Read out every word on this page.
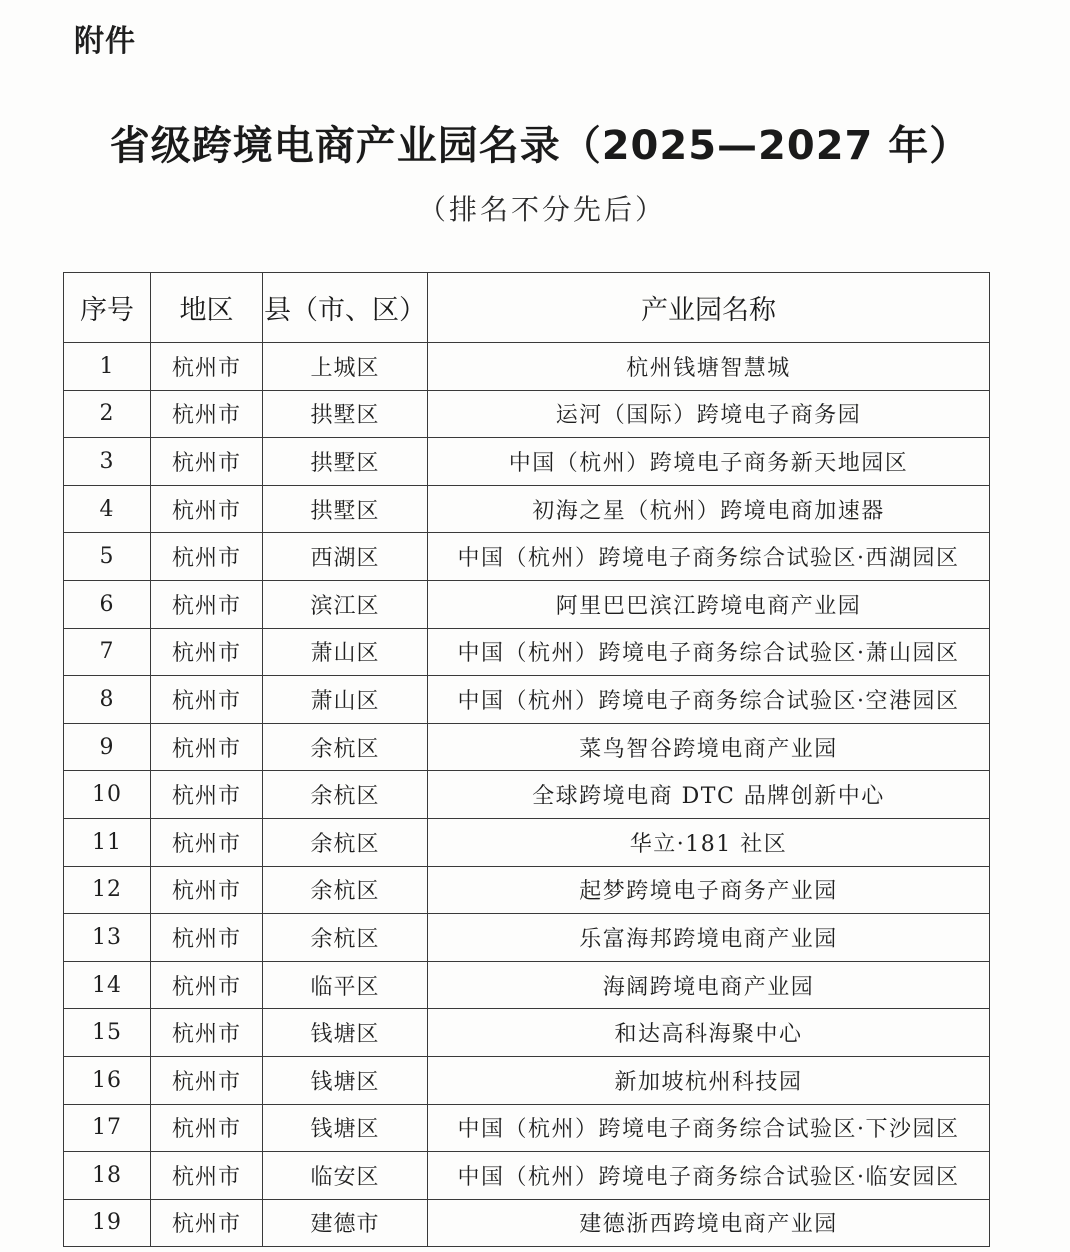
附件
省级跨境电商产业园名录（2025—2027 年）
（排名不分先后）
序号	地区	县（市、区）	产业园名称
1	杭州市	上城区	杭州钱塘智慧城
2	杭州市	拱墅区	运河（国际）跨境电子商务园
3	杭州市	拱墅区	中国（杭州）跨境电子商务新天地园区
4	杭州市	拱墅区	初海之星（杭州）跨境电商加速器
5	杭州市	西湖区	中国（杭州）跨境电子商务综合试验区·西湖园区
6	杭州市	滨江区	阿里巴巴滨江跨境电商产业园
7	杭州市	萧山区	中国（杭州）跨境电子商务综合试验区·萧山园区
8	杭州市	萧山区	中国（杭州）跨境电子商务综合试验区·空港园区
9	杭州市	余杭区	菜鸟智谷跨境电商产业园
10	杭州市	余杭区	全球跨境电商 DTC 品牌创新中心
11	杭州市	余杭区	华立·181 社区
12	杭州市	余杭区	起梦跨境电子商务产业园
13	杭州市	余杭区	乐富海邦跨境电商产业园
14	杭州市	临平区	海阔跨境电商产业园
15	杭州市	钱塘区	和达高科海聚中心
16	杭州市	钱塘区	新加坡杭州科技园
17	杭州市	钱塘区	中国（杭州）跨境电子商务综合试验区·下沙园区
18	杭州市	临安区	中国（杭州）跨境电子商务综合试验区·临安园区
19	杭州市	建德市	建德浙西跨境电商产业园
